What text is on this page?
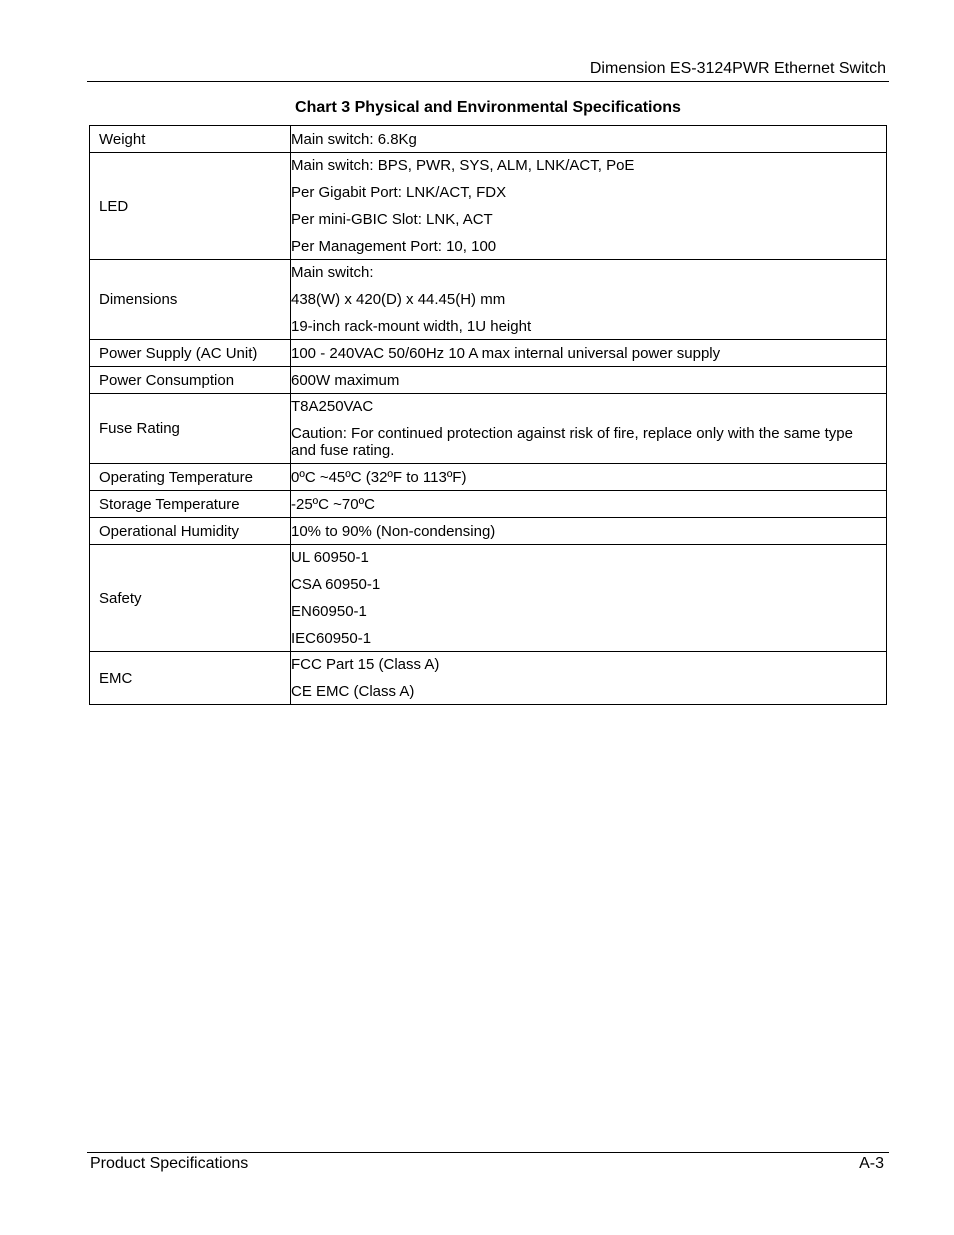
Dimension ES-3124PWR Ethernet Switch
Chart 3 Physical and Environmental Specifications
Weight	Main switch: 6.8Kg

LED	Main switch: BPS, PWR, SYS, ALM, LNK/ACT, PoE
Per Gigabit Port: LNK/ACT, FDX
Per mini-GBIC Slot: LNK, ACT
Per Management Port: 10, 100

Dimensions	Main switch:
438(W) x 420(D) x 44.45(H) mm
19-inch rack-mount width, 1U height

Power Supply (AC Unit)	100 - 240VAC 50/60Hz 10 A max internal universal power supply

Power Consumption	600W maximum

Fuse Rating	T8A250VAC
Caution: For continued protection against risk of fire, replace only with the same type and fuse rating.

Operating Temperature	0ºC ~45ºC (32ºF to 113ºF)

Storage Temperature	-25ºC ~70ºC

Operational Humidity	10% to 90% (Non-condensing)

Safety	UL 60950-1
CSA 60950-1
EN60950-1
IEC60950-1

EMC	FCC Part 15 (Class A)
CE EMC (Class A)
Product Specifications	A-3
